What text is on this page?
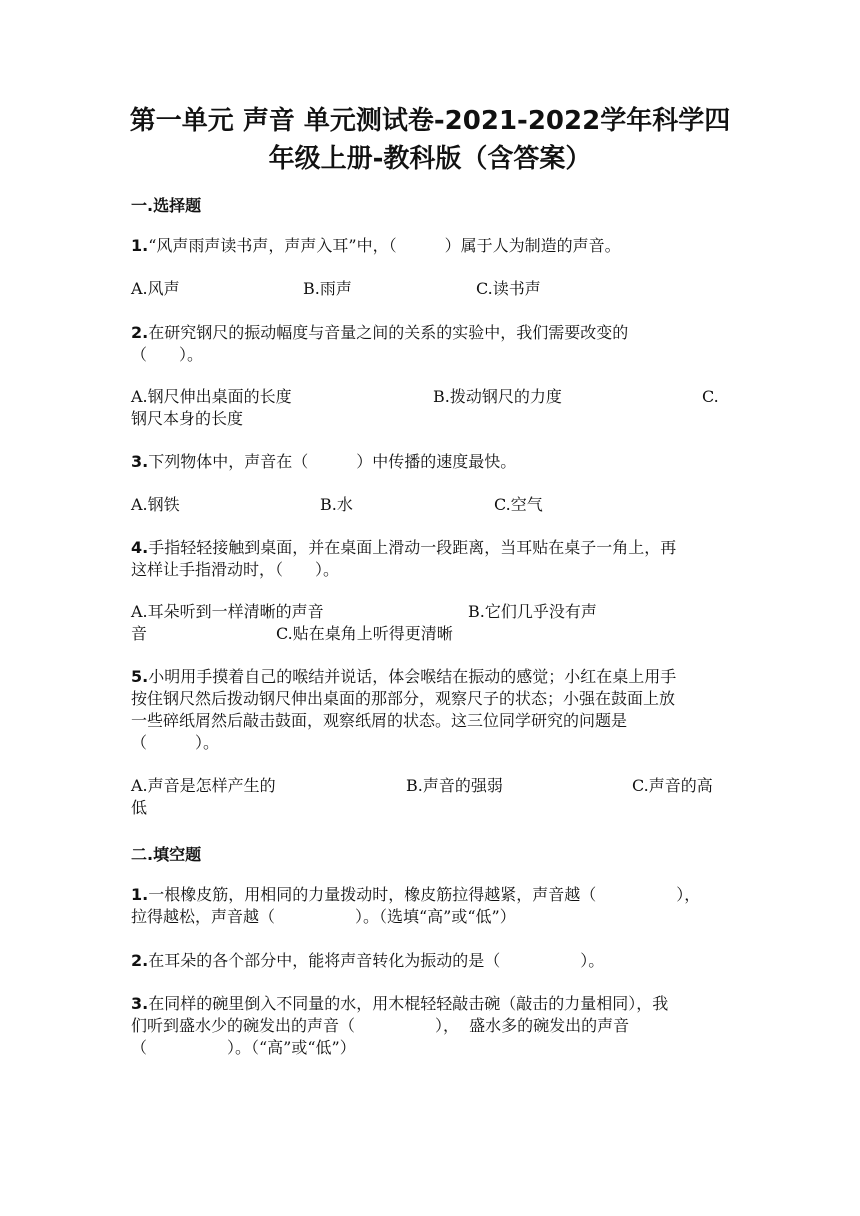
第一单元 声音 单元测试卷-2021-2022学年科学四
年级上册-教科版（含答案）

一.选择题

1.“风声雨声读书声，声声入耳”中，（　　　）属于人为制造的声音。

A.风声	B.雨声	C.读书声

2.在研究钢尺的振动幅度与音量之间的关系的实验中，我们需要改变的

（　　）。

A.钢尺伸出桌面的长度	B.拨动钢尺的力度	C.

钢尺本身的长度

3.下列物体中，声音在（　　　）中传播的速度最快。

A.钢铁	B.水	C.空气

4.手指轻轻接触到桌面，并在桌面上滑动一段距离，当耳贴在桌子一角上，再

这样让手指滑动时，（　　）。

A.耳朵听到一样清晰的声音	B.它们几乎没有声

音	C.贴在桌角上听得更清晰

5.小明用手摸着自己的喉结并说话，体会喉结在振动的感觉；小红在桌上用手

按住钢尺然后拨动钢尺伸出桌面的那部分，观察尺子的状态；小强在鼓面上放

一些碎纸屑然后敲击鼓面，观察纸屑的状态。这三位同学研究的问题是

（　　　）。

A.声音是怎样产生的	B.声音的强弱	C.声音的高

低

二.填空题

1.一根橡皮筋，用相同的力量拨动时，橡皮筋拉得越紧，声音越（　　　　　），

拉得越松，声音越（　　　　　）。（选填“高”或“低”）

2.在耳朵的各个部分中，能将声音转化为振动的是（　　　　　）。

3.在同样的碗里倒入不同量的水，用木棍轻轻敲击碗（敲击的力量相同），我

们听到盛水少的碗发出的声音（　　　　　），  盛水多的碗发出的声音

（　　　　　）。（“高”或“低”）
